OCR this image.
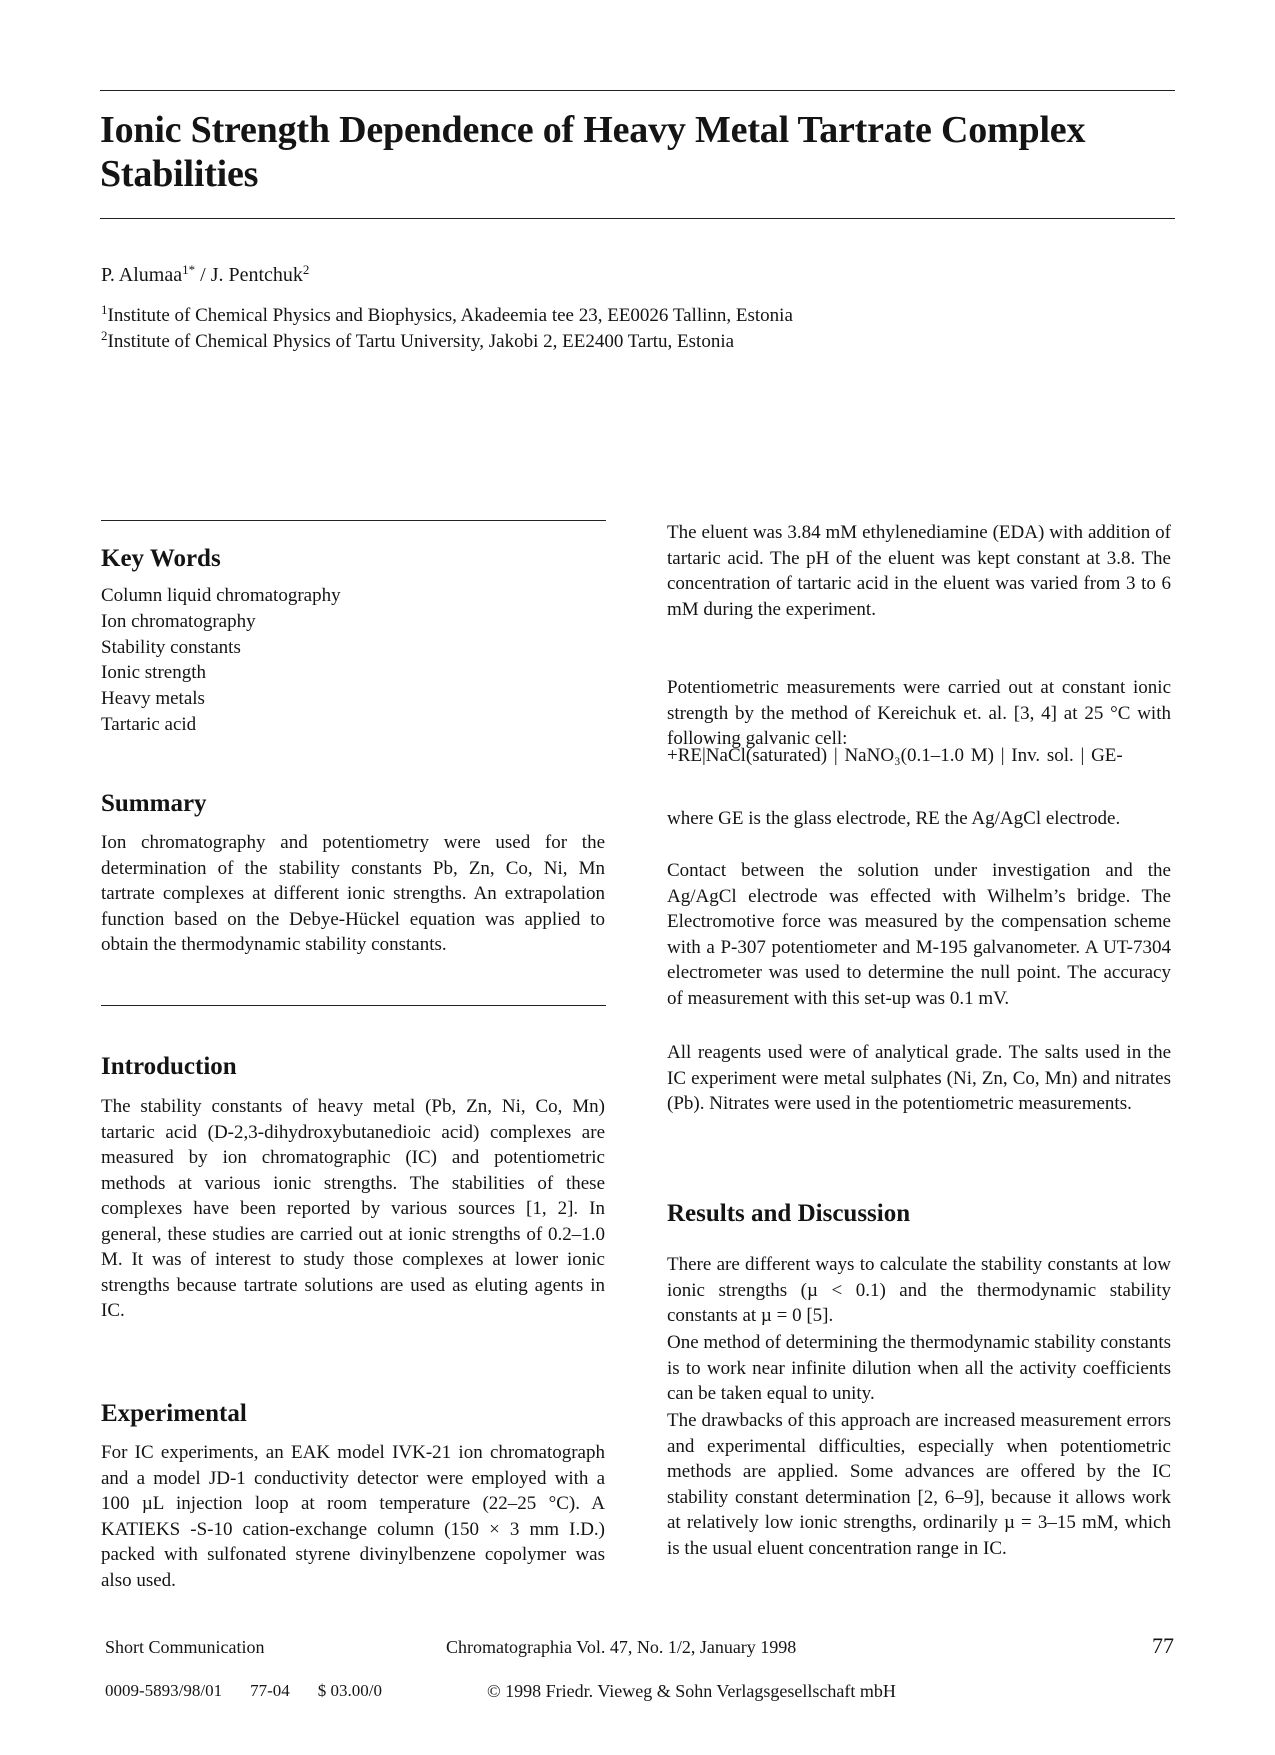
Ionic Strength Dependence of Heavy Metal Tartrate Complex Stabilities
P. Alumaa$^{1*}$ / J. Pentchuk$^2$
$^1$Institute of Chemical Physics and Biophysics, Akadeemia tee 23, EE0026 Tallinn, Estonia
$^2$Institute of Chemical Physics of Tartu University, Jakobi 2, EE2400 Tartu, Estonia
Key Words
Column liquid chromatography
Ion chromatography
Stability constants
Ionic strength
Heavy metals
Tartaric acid
Summary

Ion chromatography and potentiometry were used for the determination of the stability constants Pb, Zn, Co, Ni, Mn tartrate complexes at different ionic strengths. An extrapolation function based on the Debye-Hückel equation was applied to obtain the thermodynamic stability constants.

Introduction

The stability constants of heavy metal (Pb, Zn, Ni, Co, Mn) tartaric acid (D-2,3-dihydroxybutanedioic acid) complexes are measured by ion chromatographic (IC) and potentiometric methods at various ionic strengths. The stabilities of these complexes have been reported by various sources [1, 2]. In general, these studies are carried out at ionic strengths of 0.2–1.0 M. It was of interest to study those complexes at lower ionic strengths because tartrate solutions are used as eluting agents in IC.

Experimental

For IC experiments, an EAK model IVK-21 ion chromatograph and a model JD-1 conductivity detector were employed with a 100 µL injection loop at room temperature (22–25 °C). A KATIEKS -S-10 cation-exchange column (150 × 3 mm I.D.) packed with sulfonated styrene divinylbenzene copolymer was also used.

The eluent was 3.84 mM ethylenediamine (EDA) with addition of tartaric acid. The pH of the eluent was kept constant at 3.8. The concentration of tartaric acid in the eluent was varied from 3 to 6 mM during the experiment.

Potentiometric measurements were carried out at constant ionic strength by the method of Kereichuk et. al. [3, 4] at 25 °C with following galvanic cell:

+RE|NaCl(saturated) | NaNO₃(0.1–1.0 M) | Inv. sol. | GE-

where GE is the glass electrode, RE the Ag/AgCl electrode.

Contact between the solution under investigation and the Ag/AgCl electrode was effected with Wilhelm’s bridge. The Electromotive force was measured by the compensation scheme with a P-307 potentiometer and M-195 galvanometer. A UT-7304 electrometer was used to determine the null point. The accuracy of measurement with this set-up was 0.1 mV.

All reagents used were of analytical grade. The salts used in the IC experiment were metal sulphates (Ni, Zn, Co, Mn) and nitrates (Pb). Nitrates were used in the potentiometric measurements.

Results and Discussion

There are different ways to calculate the stability constants at low ionic strengths (µ < 0.1) and the thermodynamic stability constants at µ = 0 [5].

One method of determining the thermodynamic stability constants is to work near infinite dilution when all the activity coefficients can be taken equal to unity.

The drawbacks of this approach are increased measurement errors and experimental difficulties, especially when potentiometric methods are applied. Some advances are offered by the IC stability constant determination [2, 6–9], because it allows work at relatively low ionic strengths, ordinarily µ = 3–15 mM, which is the usual eluent concentration range in IC.

Short Communication	Chromatographia Vol. 47, No. 1/2, January 1998	77
0009-5893/98/01 77-04 $ 03.00/0	© 1998 Friedr. Vieweg & Sohn Verlagsgesellschaft mbH
